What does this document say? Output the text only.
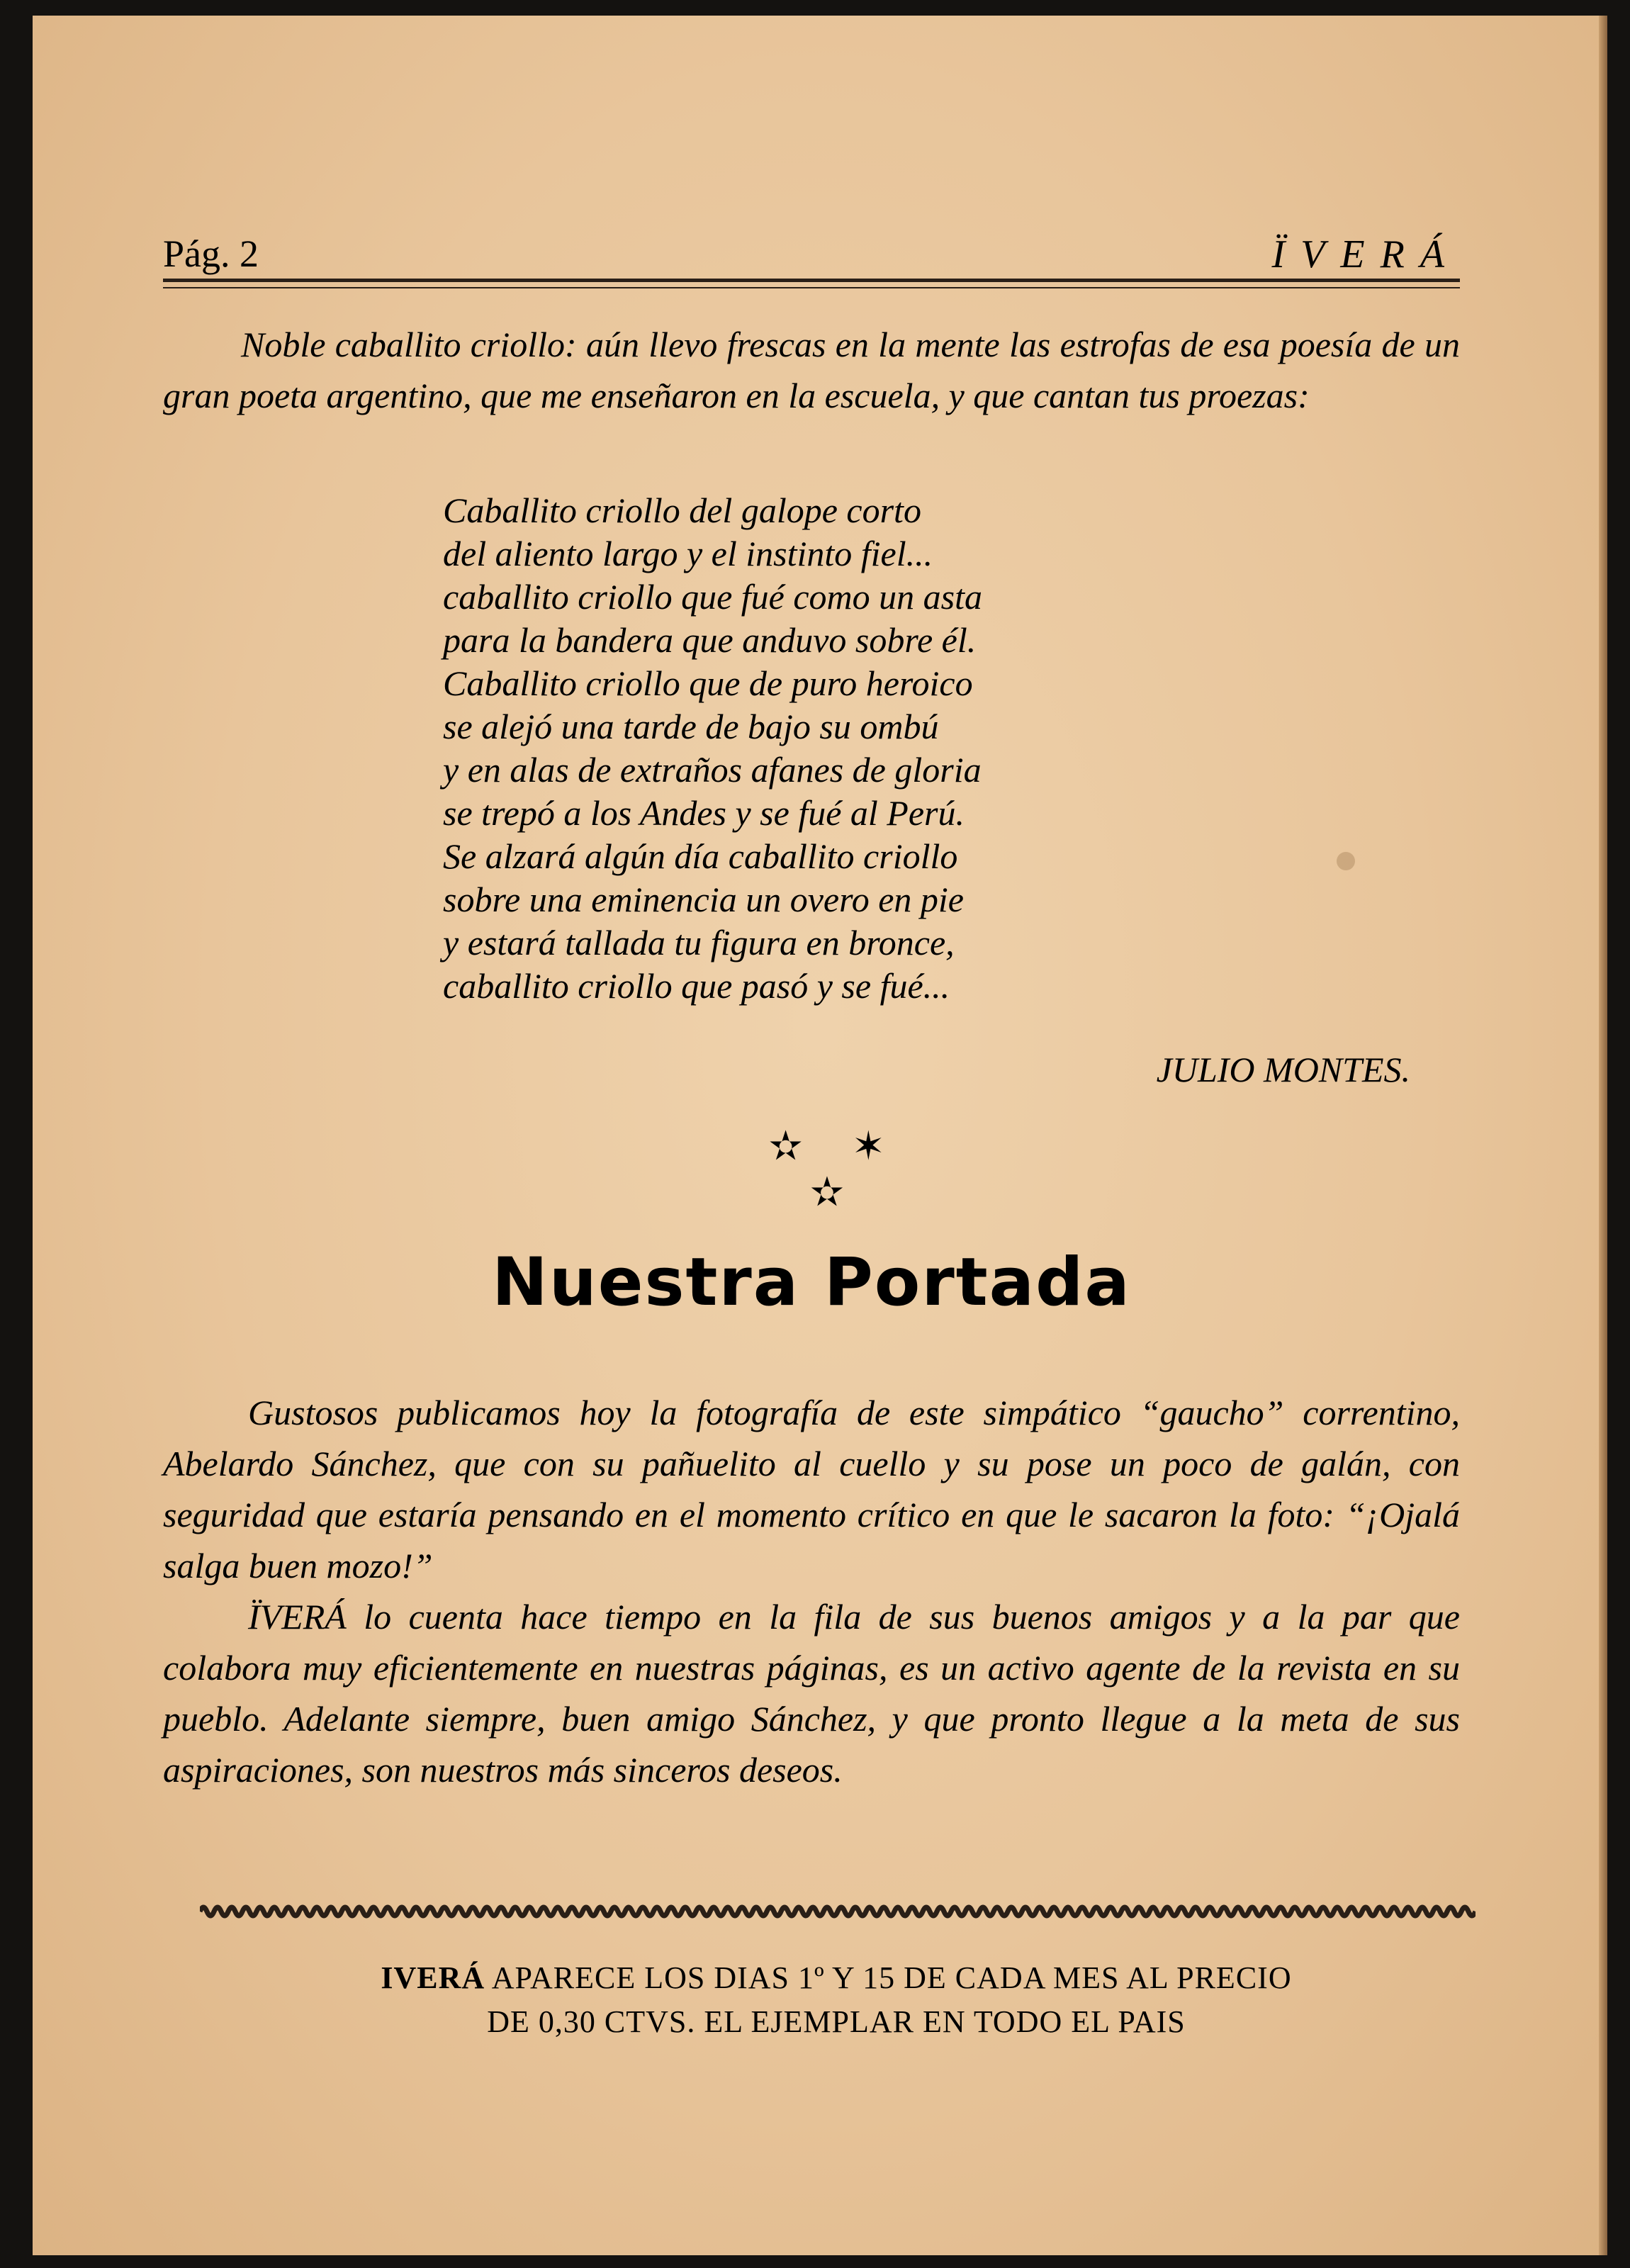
Pág. 2	ÏVERÁ

Noble caballito criollo: aún llevo frescas en la mente las estrofas de esa poesía de un gran poeta argentino, que me enseñaron en la escuela, y que cantan tus proezas:

Caballito criollo del galope corto
del aliento largo y el instinto fiel...
caballito criollo que fué como un asta
para la bandera que anduvo sobre él.
Caballito criollo que de puro heroico
se alejó una tarde de bajo su ombú
y en alas de extraños afanes de gloria
se trepó a los Andes y se fué al Perú.
Se alzará algún día caballito criollo
sobre una eminencia un overo en pie
y estará tallada tu figura en bronce,
caballito criollo que pasó y se fué...
JULIO MONTES.
✫ ✶ ✫
Nuestra Portada

Gustosos publicamos hoy la fotografía de este simpático “gaucho” correntino, Abelardo Sánchez, que con su pañuelito al cuello y su pose un poco de galán, con seguridad que estaría pensando en el momento crítico en que le sacaron la foto: “¡Ojalá salga buen mozo!”

ÏVERÁ lo cuenta hace tiempo en la fila de sus buenos amigos y a la par que colabora muy eficientemente en nuestras páginas, es un activo agente de la revista en su pueblo. Adelante siempre, buen amigo Sánchez, y que pronto llegue a la meta de sus aspiraciones, son nuestros más sinceros deseos.

IVERÁ APARECE LOS DIAS 1º Y 15 DE CADA MES AL PRECIO
DE 0,30 CTVS. EL EJEMPLAR EN TODO EL PAIS
